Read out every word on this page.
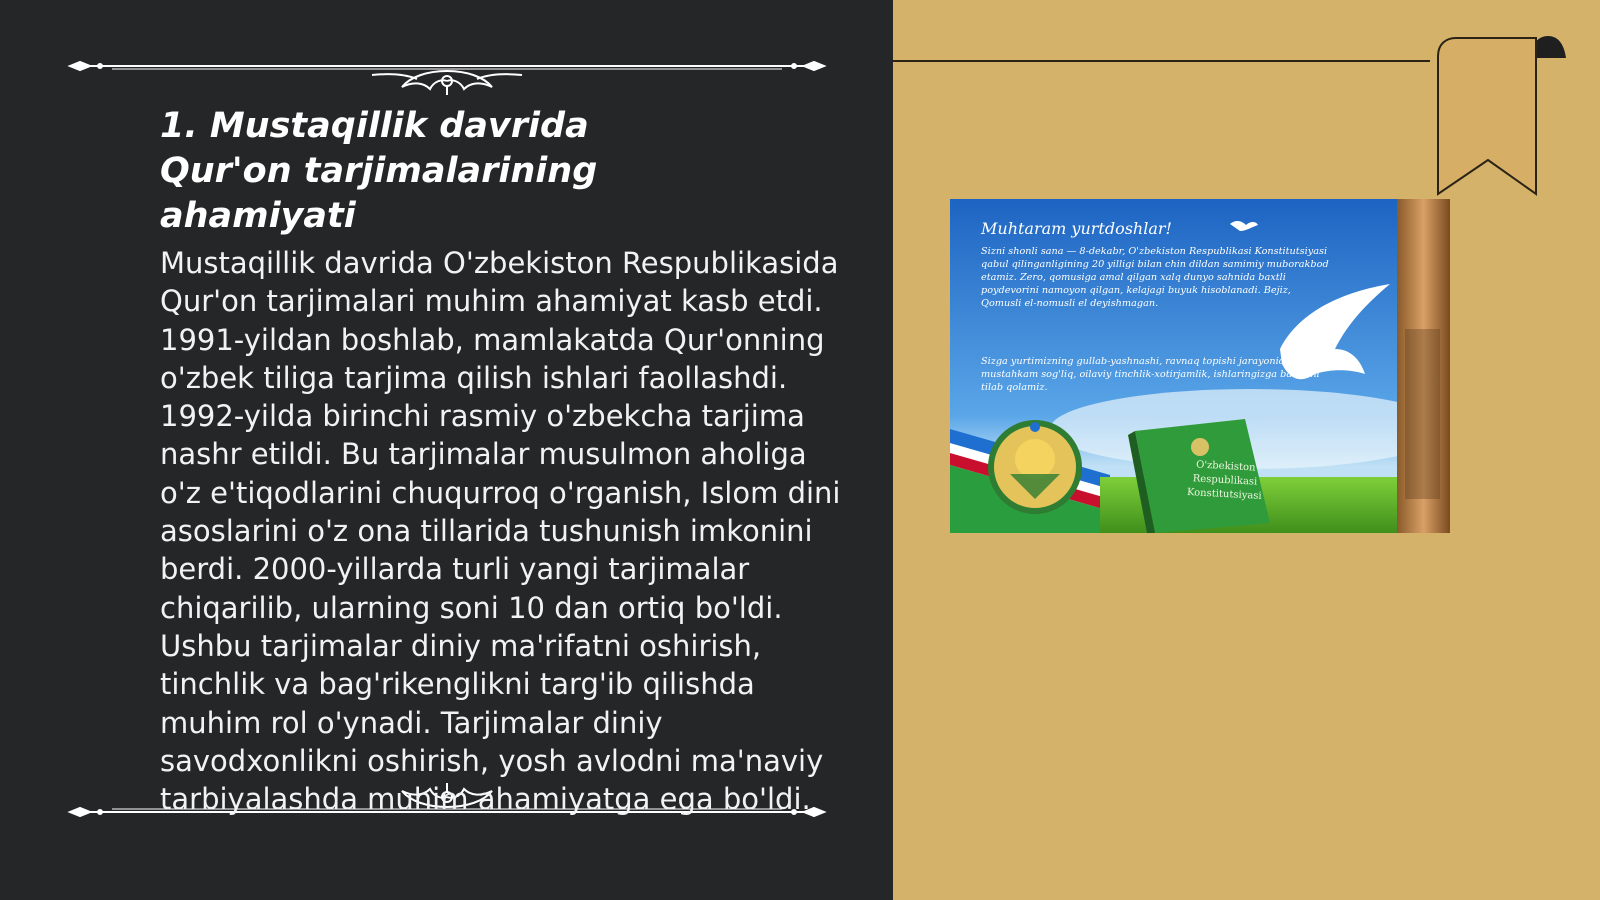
1. Mustaqillik davrida Qur'on tarjimalarining ahamiyati

Mustaqillik davrida O'zbekiston Respublikasida Qur'on tarjimalari muhim ahamiyat kasb etdi. 1991-yildan boshlab, mamlakatda Qur'onning o'zbek tiliga tarjima qilish ishlari faollashdi. 1992-yilda birinchi rasmiy o'zbekcha tarjima nashr etildi. Bu tarjimalar musulmon aholiga o'z e'tiqodlarini chuqurroq o'rganish, Islom dini asoslarini o'z ona tillarida tushunish imkonini berdi. 2000-yillarda turli yangi tarjimalar chiqarilib, ularning soni 10 dan ortiq bo'ldi. Ushbu tarjimalar diniy ma'rifatni oshirish, tinchlik va bag'rikenglikni targ'ib qilishda muhim rol o'ynadi. Tarjimalar diniy savodxonlikni oshirish, yosh avlodni ma'naviy tarbiyalashda muhim ahamiyatga ega bo'ldi.

Muhtaram yurtdoshlar!

Sizni shonli sana — 8-dekabr, O'zbekiston Respublikasi Konstitutsiyasi qabul qilinganligining 20 yilligi bilan chin dildan samimiy muborakbod etamiz. Zero, qomusiga amal qilgan xalq dunyo sahnida baxtli poydevorini namoyon qilgan, kelajagi buyuk hisoblanadi. Bejiz, Qomusli el-nomusli el deyishmagan.

Sizga yurtimizning gullab-yashnashi, ravnaq topishi jarayonida mustahkam sog'liq, oilaviy tinchlik-xotirjamlik, ishlaringizga barorini tilab qolamiz.

O'zbekiston Respublikasi Konstitutsiyasi
